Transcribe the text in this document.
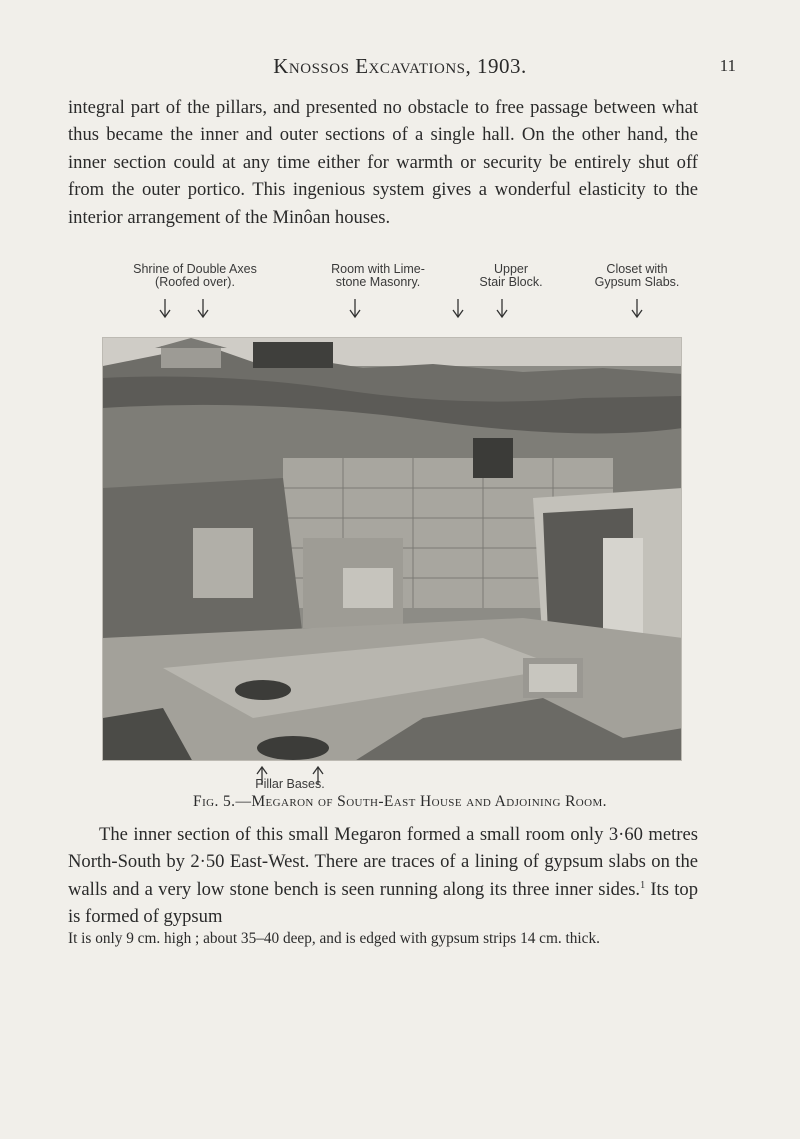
Knossos Excavations, 1903.	11

integral part of the pillars, and presented no obstacle to free passage between what thus became the inner and outer sections of a single hall. On the other hand, the inner section could at any time either for warmth or security be entirely shut off from the outer portico. This ingenious system gives a wonderful elasticity to the interior arrangement of the Minôan houses.

Shrine of Double Axes
(Roofed over).
Room with Lime-
stone Masonry.
Upper
Stair Block.
Closet with
Gypsum Slabs.
Pillar Bases.
Fig. 5.—Megaron of South-East House and Adjoining Room.

The inner section of this small Megaron formed a small room only 3·60 metres North-South by 2·50 East-West. There are traces of a lining of gypsum slabs on the walls and a very low stone bench is seen running along its three inner sides.$^1$ Its top is formed of gypsum

It is only 9 cm. high ; about 35–40 deep, and is edged with gypsum strips 14 cm. thick.
